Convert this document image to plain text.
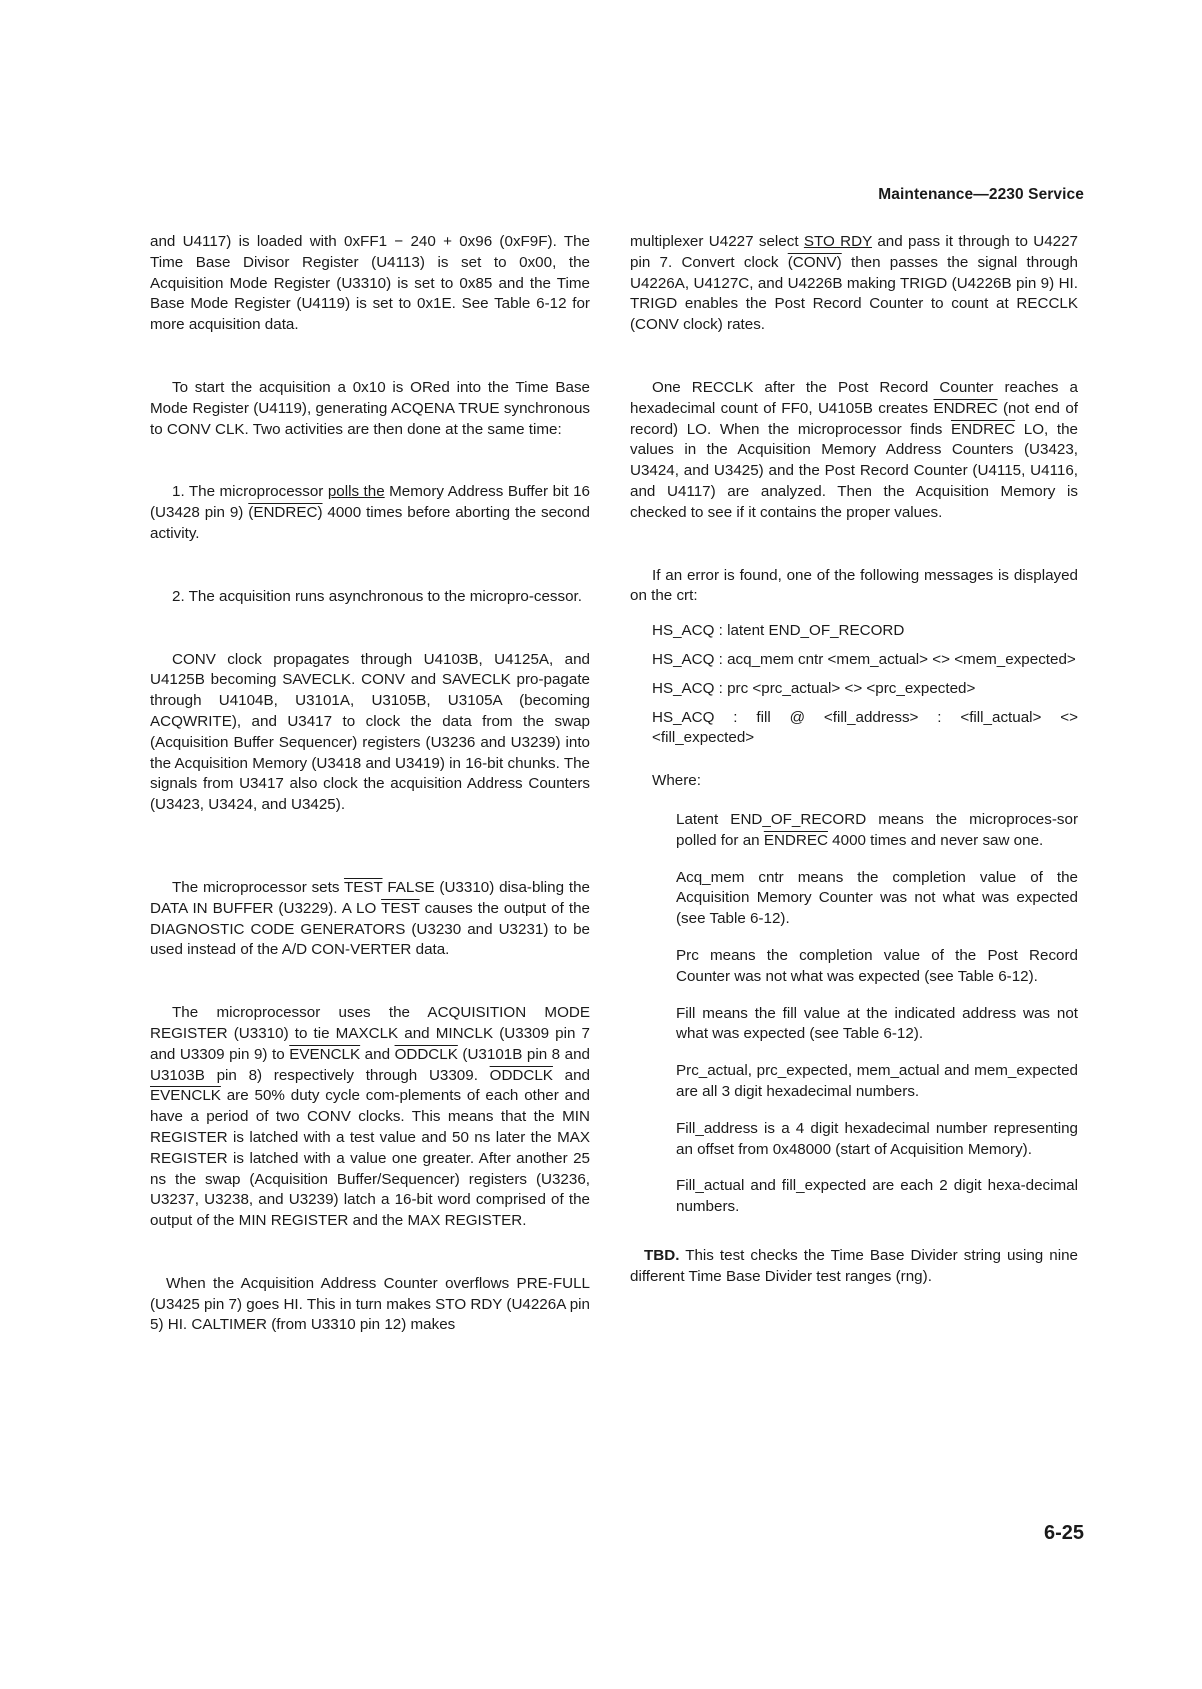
Maintenance—2230 Service

and U4117) is loaded with 0xFF1 − 240 + 0x96 (0xF9F). The Time Base Divisor Register (U4113) is set to 0x00, the Acquisition Mode Register (U3310) is set to 0x85 and the Time Base Mode Register (U4119) is set to 0x1E. See Table 6-12 for more acquisition data.

To start the acquisition a 0x10 is ORed into the Time Base Mode Register (U4119), generating ACQENA TRUE synchronous to CONV CLK. Two activities are then done at the same time:

1. The microprocessor polls the Memory Address Buffer bit 16 (U3428 pin 9) (ENDREC) 4000 times before aborting the second activity.

2. The acquisition runs asynchronous to the micropro-cessor.

CONV clock propagates through U4103B, U4125A, and U4125B becoming SAVECLK. CONV and SAVECLK pro-pagate through U4104B, U3101A, U3105B, U3105A (becoming ACQWRITE), and U3417 to clock the data from the swap (Acquisition Buffer Sequencer) registers (U3236 and U3239) into the Acquisition Memory (U3418 and U3419) in 16-bit chunks. The signals from U3417 also clock the acquisition Address Counters (U3423, U3424, and U3425).

The microprocessor sets TEST FALSE (U3310) disa-bling the DATA IN BUFFER (U3229). A LO TEST causes the output of the DIAGNOSTIC CODE GENERATORS (U3230 and U3231) to be used instead of the A/D CON-VERTER data.

The microprocessor uses the ACQUISITION MODE REGISTER (U3310) to tie MAXCLK and MINCLK (U3309 pin 7 and U3309 pin 9) to EVENCLK and ODDCLK (U3101B pin 8 and U3103B pin 8) respectively through U3309. ODDCLK and EVENCLK are 50% duty cycle com-plements of each other and have a period of two CONV clocks. This means that the MIN REGISTER is latched with a test value and 50 ns later the MAX REGISTER is latched with a value one greater. After another 25 ns the swap (Acquisition Buffer/Sequencer) registers (U3236, U3237, U3238, and U3239) latch a 16-bit word comprised of the output of the MIN REGISTER and the MAX REGISTER.

When the Acquisition Address Counter overflows PRE-FULL (U3425 pin 7) goes HI. This in turn makes STO RDY (U4226A pin 5) HI. CALTIMER (from U3310 pin 12) makes

multiplexer U4227 select STO RDY and pass it through to U4227 pin 7. Convert clock (CONV) then passes the signal through U4226A, U4127C, and U4226B making TRIGD (U4226B pin 9) HI. TRIGD enables the Post Record Counter to count at RECCLK (CONV clock) rates.

One RECCLK after the Post Record Counter reaches a hexadecimal count of FF0, U4105B creates ENDREC (not end of record) LO. When the microprocessor finds ENDREC LO, the values in the Acquisition Memory Address Counters (U3423, U3424, and U3425) and the Post Record Counter (U4115, U4116, and U4117) are analyzed. Then the Acquisition Memory is checked to see if it contains the proper values.

If an error is found, one of the following messages is displayed on the crt:

HS_ACQ : latent END_OF_RECORD

HS_ACQ : acq_mem cntr <mem_actual> <> <mem_expected>

HS_ACQ : prc <prc_actual> <> <prc_expected>

HS_ACQ : fill @ <fill_address> : <fill_actual> <> <fill_expected>

Where:

Latent END_OF_RECORD means the microproces-sor polled for an ENDREC 4000 times and never saw one.

Acq_mem cntr means the completion value of the Acquisition Memory Counter was not what was expected (see Table 6-12).

Prc means the completion value of the Post Record Counter was not what was expected (see Table 6-12).

Fill means the fill value at the indicated address was not what was expected (see Table 6-12).

Prc_actual, prc_expected, mem_actual and mem_expected are all 3 digit hexadecimal numbers.

Fill_address is a 4 digit hexadecimal number representing an offset from 0x48000 (start of Acquisition Memory).

Fill_actual and fill_expected are each 2 digit hexa-decimal numbers.

TBD. This test checks the Time Base Divider string using nine different Time Base Divider test ranges (rng).

6-25
